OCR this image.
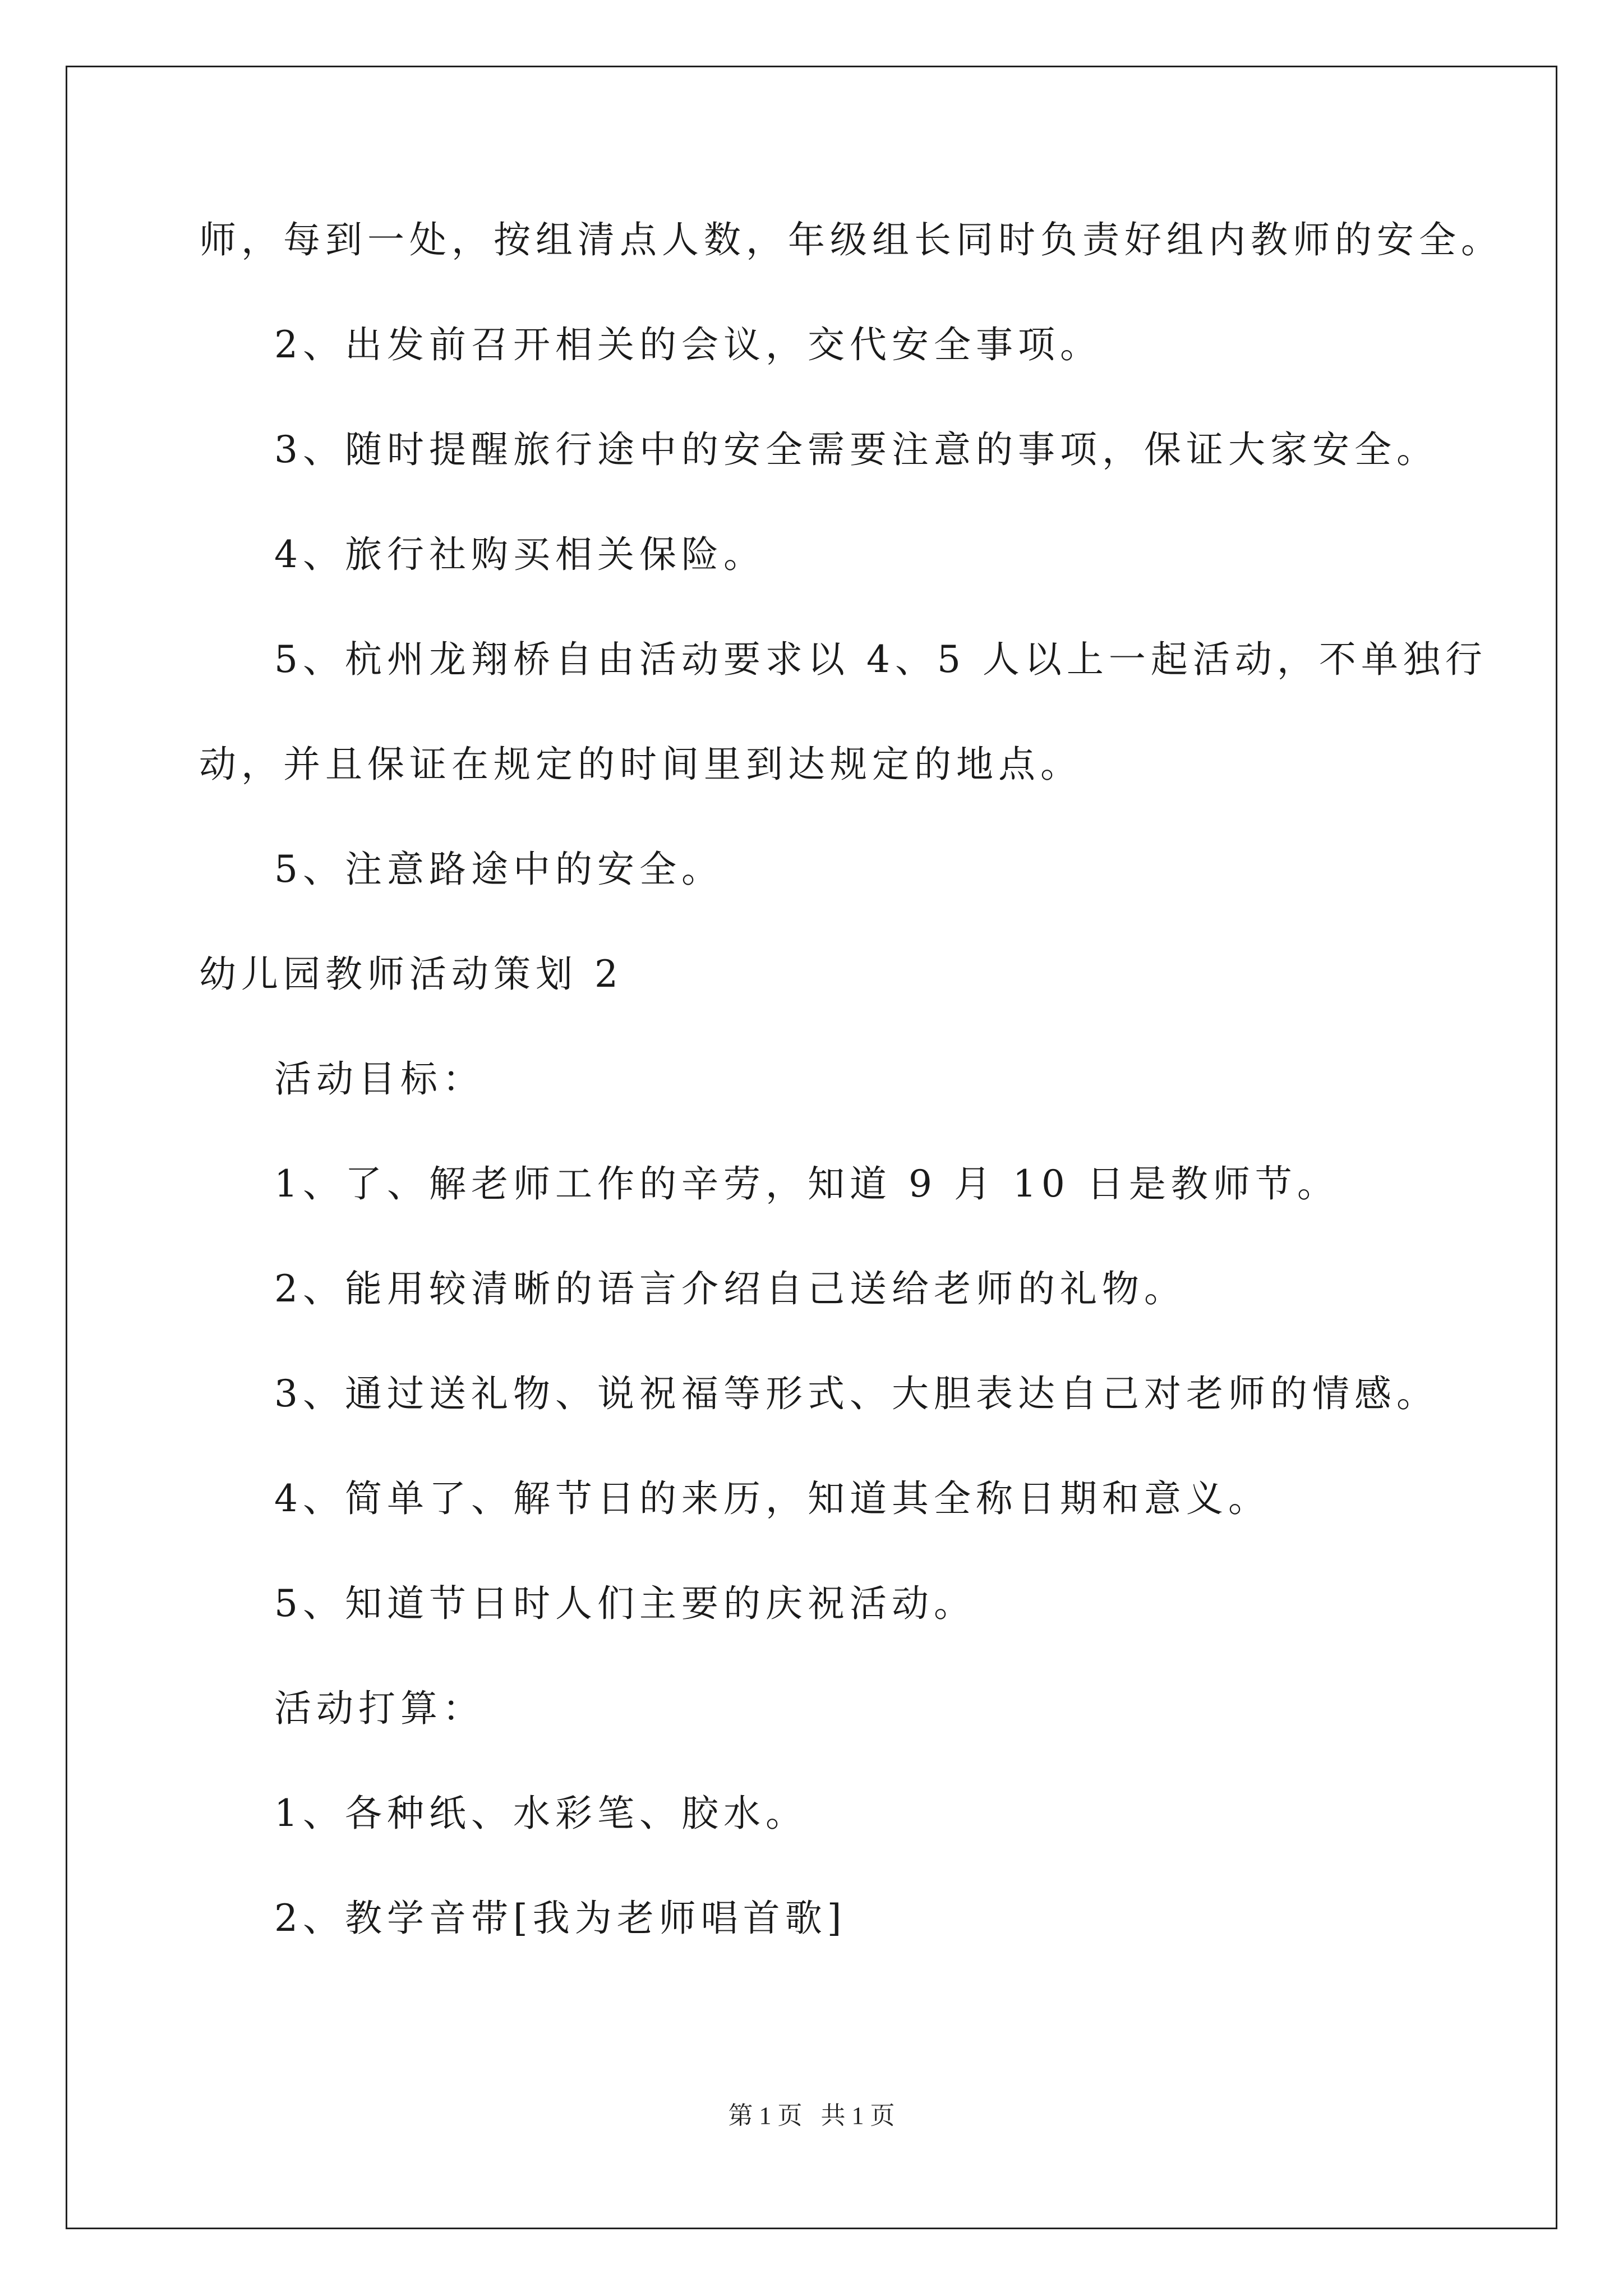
师，每到一处，按组清点人数，年级组长同时负责好组内教师的安全。
2、出发前召开相关的会议，交代安全事项。
3、随时提醒旅行途中的安全需要注意的事项，保证大家安全。
4、旅行社购买相关保险。
5、杭州龙翔桥自由活动要求以 4、5 人以上一起活动，不单独行
动，并且保证在规定的时间里到达规定的地点。
5、注意路途中的安全。
幼儿园教师活动策划 2
活动目标：
1、了、解老师工作的辛劳，知道 9 月 10 日是教师节。
2、能用较清晰的语言介绍自己送给老师的礼物。
3、通过送礼物、说祝福等形式、大胆表达自己对老师的情感。
4、简单了、解节日的来历，知道其全称日期和意义。
5、知道节日时人们主要的庆祝活动。
活动打算：
1、各种纸、水彩笔、胶水。
2、教学音带[我为老师唱首歌]
第 1 页   共 1 页
